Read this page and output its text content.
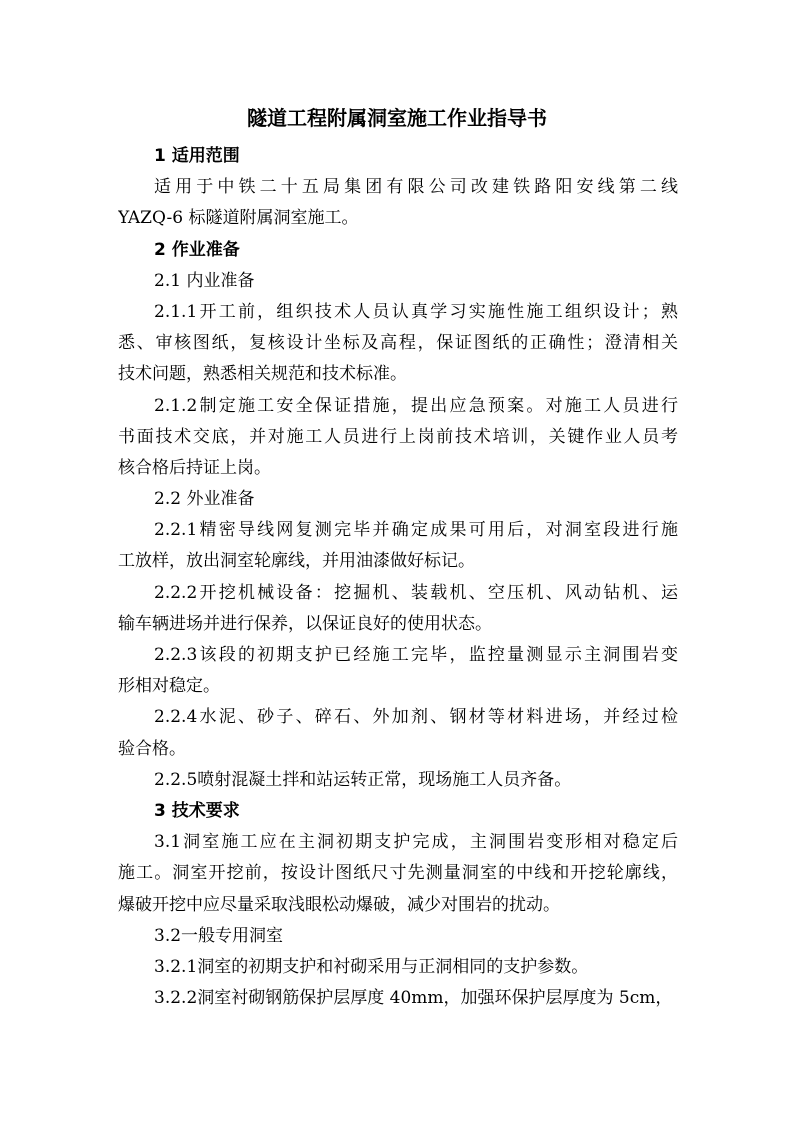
隧道工程附属洞室施工作业指导书
1 适用范围
适用于中铁二十五局集团有限公司改建铁路阳安线第二线
YAZQ-6 标隧道附属洞室施工。
2 作业准备
2.1 内业准备
2.1.1开工前，组织技术人员认真学习实施性施工组织设计；熟
悉、审核图纸，复核设计坐标及高程，保证图纸的正确性；澄清相关
技术问题，熟悉相关规范和技术标准。
2.1.2制定施工安全保证措施，提出应急预案。对施工人员进行
书面技术交底，并对施工人员进行上岗前技术培训，关键作业人员考
核合格后持证上岗。
2.2 外业准备
2.2.1精密导线网复测完毕并确定成果可用后，对洞室段进行施
工放样，放出洞室轮廓线，并用油漆做好标记。
2.2.2开挖机械设备：挖掘机、装载机、空压机、风动钻机、运
输车辆进场并进行保养，以保证良好的使用状态。
2.2.3该段的初期支护已经施工完毕，监控量测显示主洞围岩变
形相对稳定。
2.2.4水泥、砂子、碎石、外加剂、钢材等材料进场，并经过检
验合格。
2.2.5喷射混凝土拌和站运转正常，现场施工人员齐备。
3 技术要求
3.1洞室施工应在主洞初期支护完成，主洞围岩变形相对稳定后
施工。洞室开挖前，按设计图纸尺寸先测量洞室的中线和开挖轮廓线，
爆破开挖中应尽量采取浅眼松动爆破，减少对围岩的扰动。
3.2一般专用洞室
3.2.1洞室的初期支护和衬砌采用与正洞相同的支护参数。
3.2.2洞室衬砌钢筋保护层厚度 40mm，加强环保护层厚度为 5cm，
